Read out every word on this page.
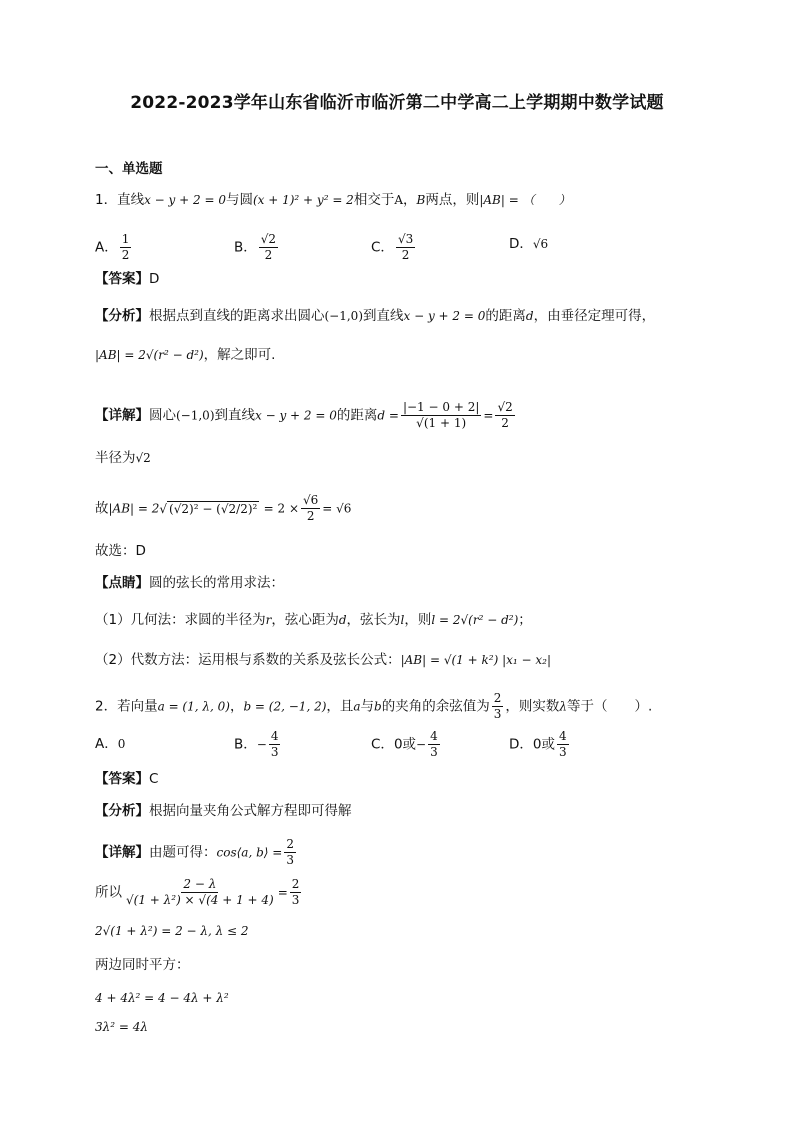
2022-2023学年山东省临沂市临沂第二中学高二上学期期中数学试题
一、单选题
1．直线x − y + 2 = 0与圆(x + 1)² + y² = 2相交于A，B两点，则|AB| = （　　）
A． $\frac{1}{2}$	B． $\frac{√2}{2}$	C． $\frac{√3}{2}$	D．√6
【答案】D
【分析】根据点到直线的距离求出圆心(−1,0)到直线x − y + 2 = 0的距离d，由垂径定理可得，
|AB| = 2√(r² − d²)，解之即可.
【详解】圆心(−1,0)到直线x − y + 2 = 0的距离$d = \frac{|-1 - 0 + 2|}{√(1 + 1)} = \frac{√2}{2}$
半径为√2
故|AB| = 2√ $(√2)^2 - (√2/2)^2 = 2 \times \frac{√6}{2} = √6$
故选：D
【点睛】圆的弦长的常用求法：
（1）几何法：求圆的半径为r，弦心距为d，弦长为l，则l = 2√(r² − d²)；
（2）代数方法：运用根与系数的关系及弦长公式：|AB| = √(1 + k²) |x₁ − x₂|
2．若向量a = (1, λ, 0)，b = (2, −1, 2)，且a与b的夹角的余弦值为 $\frac{2}{3}$ ，则实数λ等于（　　）.
A．0	B．− $\frac{4}{3}$	C．0或− $\frac{4}{3}$	D．0或 $\frac{4}{3}$
【答案】C
【分析】根据向量夹角公式解方程即可得解
【详解】由题可得：cos⟨a, b⟩ = $\frac{2}{3}$
所以 $\frac{2 - \lambda}{\text{√(1 + λ²) × √(4 + 1 + 4)}} = \frac{2}{3}$
2√(1 + λ²) = 2 − λ, λ ≤ 2
两边同时平方：
4 + 4λ² = 4 − 4λ + λ²
3λ² = 4λ
